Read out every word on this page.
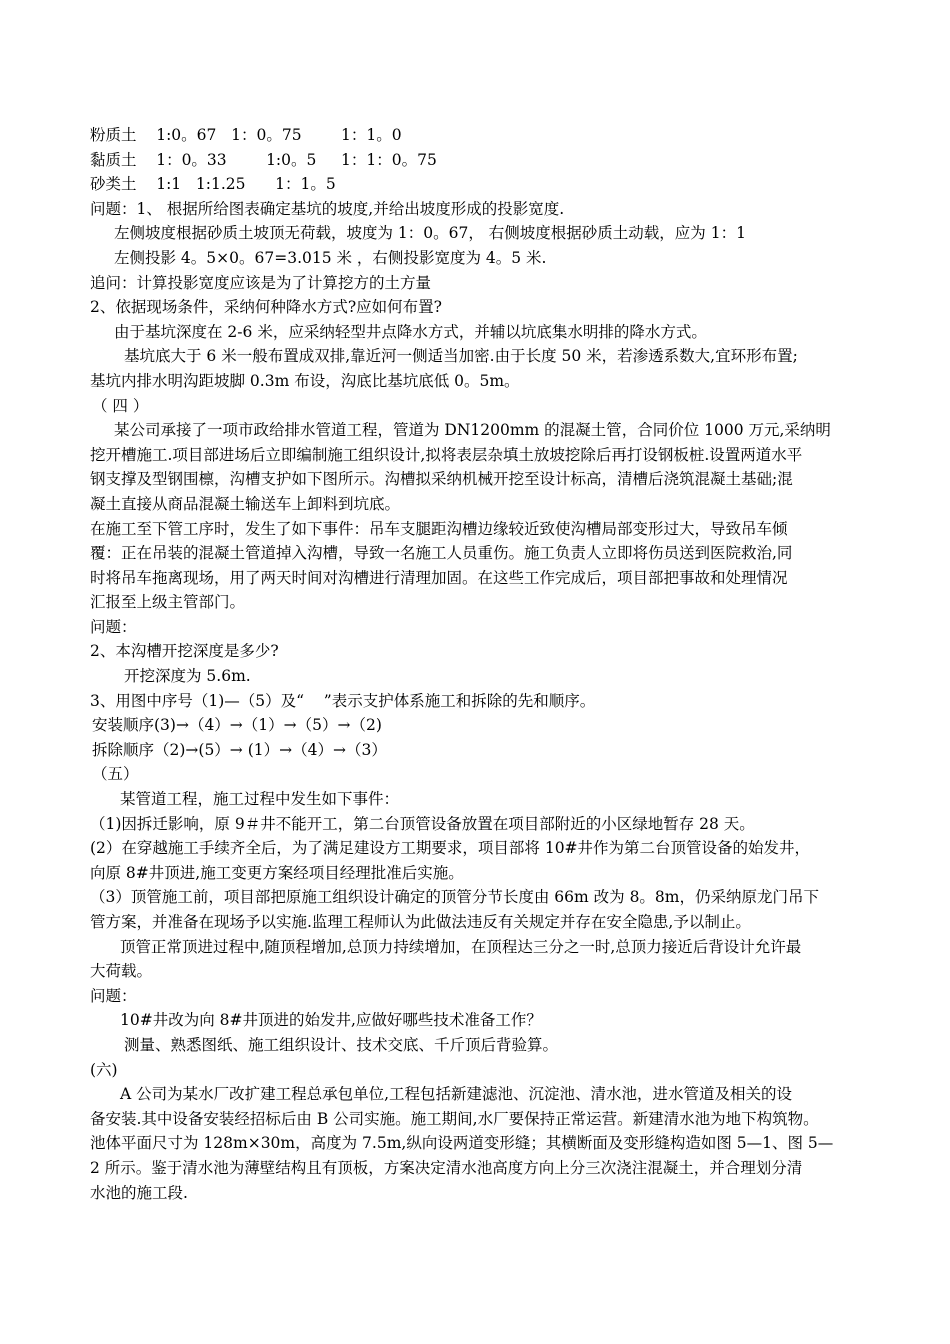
粉质土    1:0。67   1：0。75        1：1。0
黏质土    1：0。33        1:0。5     1：1：0。75
砂类土    1:1   1:1.25      1：1。5
问题：1、 根据所给图表确定基坑的坡度,并给出坡度形成的投影宽度.
左侧坡度根据砂质土坡顶无荷载，坡度为 1：0。67， 右侧坡度根据砂质土动载，应为 1：1
左侧投影 4。5×0。67=3.015 米 ，右侧投影宽度为 4。5 米.
追问：计算投影宽度应该是为了计算挖方的土方量
2、依据现场条件，采纳何种降水方式?应如何布置?
由于基坑深度在 2-6 米，应采纳轻型井点降水方式，并辅以坑底集水明排的降水方式。
基坑底大于 6 米一般布置成双排,靠近河一侧适当加密.由于长度 50 米，若渗透系数大,宜环形布置;
基坑内排水明沟距坡脚 0.3m 布设，沟底比基坑底低 0。5m。
（ 四 ）
某公司承接了一项市政给排水管道工程，管道为 DN1200mm 的混凝土管，合同价位 1000 万元,采纳明
挖开槽施工.项目部进场后立即编制施工组织设计,拟将表层杂填土放坡挖除后再打设钢板桩.设置两道水平
钢支撑及型钢围檩，沟槽支护如下图所示。沟槽拟采纳机械开挖至设计标高，清槽后浇筑混凝土基础;混
凝土直接从商品混凝土输送车上卸料到坑底。
在施工至下管工序时，发生了如下事件：吊车支腿距沟槽边缘较近致使沟槽局部变形过大，导致吊车倾
覆：正在吊装的混凝土管道掉入沟槽，导致一名施工人员重伤。施工负责人立即将伤员送到医院救治,同
时将吊车拖离现场，用了两天时间对沟槽进行清理加固。在这些工作完成后，项目部把事故和处理情况
汇报至上级主管部门。
问题：
2、本沟槽开挖深度是多少?
开挖深度为 5.6m.
3、用图中序号（1)—（5）及“    ”表示支护体系施工和拆除的先和顺序。
安装顺序(3)→（4）→（1）→（5）→（2)
拆除顺序（2)→(5）→ (1）→（4）→（3）
（五）
某管道工程，施工过程中发生如下事件：
（1)因拆迁影响，原 9＃井不能开工，第二台顶管设备放置在项目部附近的小区绿地暂存 28 天。
(2）在穿越施工手续齐全后，为了满足建设方工期要求，项目部将 10#井作为第二台顶管设备的始发井，
向原 8#井顶进,施工变更方案经项目经理批准后实施。
（3）顶管施工前，项目部把原施工组织设计确定的顶管分节长度由 66m 改为 8。8m，仍采纳原龙门吊下
管方案，并准备在现场予以实施.监理工程师认为此做法违反有关规定并存在安全隐患,予以制止。
顶管正常顶进过程中,随顶程增加,总顶力持续增加，在顶程达三分之一时,总顶力接近后背设计允许最
大荷载。
问题：
10#井改为向 8#井顶进的始发井,应做好哪些技术准备工作？
测量、熟悉图纸、施工组织设计、技术交底、千斤顶后背验算。
(六)
A 公司为某水厂改扩建工程总承包单位,工程包括新建滤池、沉淀池、清水池，进水管道及相关的设
备安装.其中设备安装经招标后由 B 公司实施。施工期间,水厂要保持正常运营。新建清水池为地下构筑物。
池体平面尺寸为 128m×30m，高度为 7.5m,纵向设两道变形缝；其横断面及变形缝构造如图 5—1、图 5—
2 所示。鉴于清水池为薄壁结构且有顶板，方案决定清水池高度方向上分三次浇注混凝土，并合理划分清
水池的施工段.
